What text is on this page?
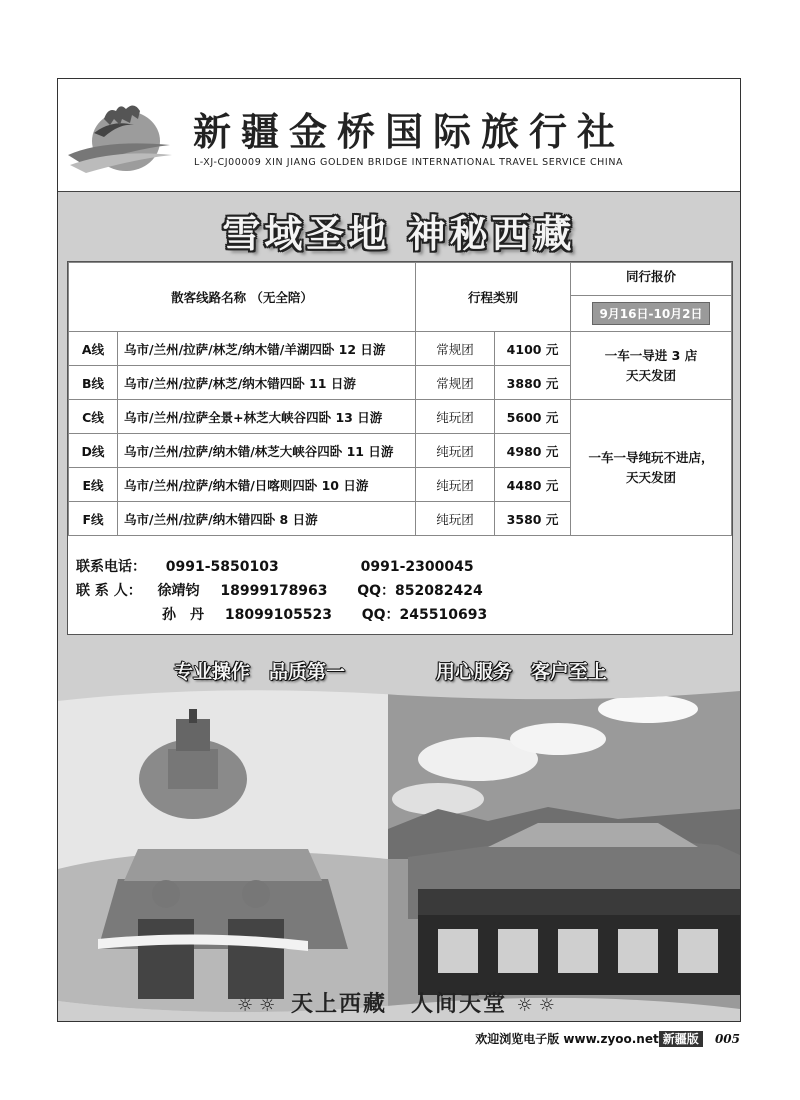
新疆金桥国际旅行社
L-XJ-CJ00009 XIN JIANG GOLDEN BRIDGE INTERNATIONAL TRAVEL SERVICE CHINA
雪域圣地 神秘西藏
散客线路名称 （无全陪）		行程类别		同行报价
9月16日-10月2日
A线	乌市/兰州/拉萨/林芝/纳木错/羊湖四卧 12 日游	常规团	4100 元	一车一导进 3 店
天天发团

B线	乌市/兰州/拉萨/林芝/纳木错四卧 11 日游	常规团	3880 元	
C线	乌市/兰州/拉萨全景+林芝大峡谷四卧 13 日游	纯玩团	5600 元	一车一导纯玩不进店，
天天发团

D线	乌市/兰州/拉萨/纳木错/林芝大峡谷四卧 11 日游	纯玩团	4980 元	
E线	乌市/兰州/拉萨/纳木错/日喀则四卧 10 日游	纯玩团	4480 元	
F线	乌市/兰州/拉萨/纳木错四卧 8 日游	纯玩团	3580 元	
联系电话： 0991-5850103	0991-2300045
联 系 人： 徐靖钧 18999178963 QQ：852082424
孙　丹 18099105523 QQ：245510693
专业操作　品质第一	用心服务　客户至上
☼☼ 天上西藏　人间天堂 ☼☼
欢迎浏览电子版 www.zyoo.net 新疆版 005
